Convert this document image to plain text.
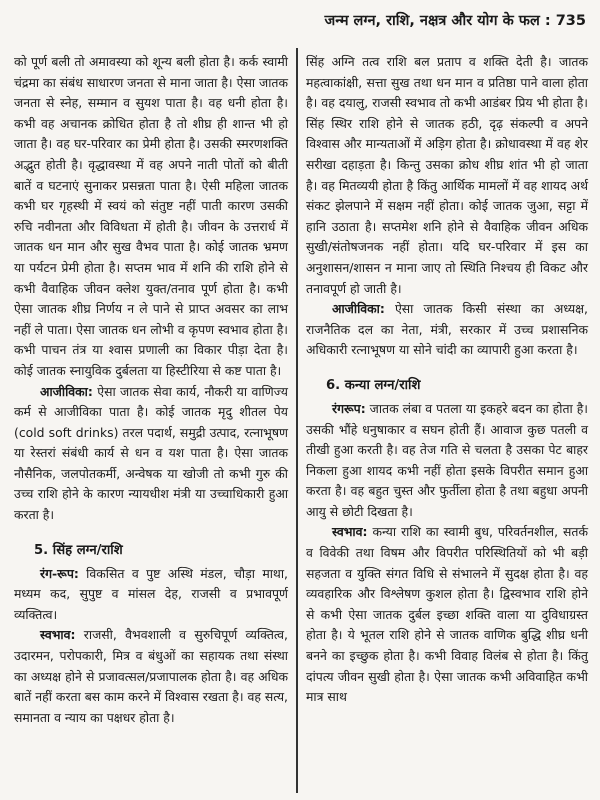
जन्म लग्न, राशि, नक्षत्र और योग के फल : 735

को पूर्ण बली तो अमावस्या को शून्य बली होता है। कर्क स्वामी चंद्रमा का संबंध साधारण जनता से माना जाता है। ऐसा जातक जनता से स्नेह, सम्मान व सुयश पाता है। वह धनी होता है। कभी वह अचानक क्रोधित होता है तो शीघ्र ही शान्त भी हो जाता है। वह घर-परिवार का प्रेमी होता है। उसकी स्मरणशक्ति अद्भुत होती है। वृद्धावस्था में वह अपने नाती पोतों को बीती बातें व घटनाएं सुनाकर प्रसन्नता पाता है। ऐसी महिला जातक कभी घर गृहस्थी में स्वयं को संतुष्ट नहीं पाती कारण उसकी रुचि नवीनता और विविधता में होती है। जीवन के उत्तरार्ध में जातक धन मान और सुख वैभव पाता है। कोई जातक भ्रमण या पर्यटन प्रेमी होता है। सप्तम भाव में शनि की राशि होने से कभी वैवाहिक जीवन क्लेश युक्त/तनाव पूर्ण होता है। कभी ऐसा जातक शीघ्र निर्णय न ले पाने से प्राप्त अवसर का लाभ नहीं ले पाता। ऐसा जातक धन लोभी व कृपण स्वभाव होता है। कभी पाचन तंत्र या श्वास प्रणाली का विकार पीड़ा देता है। कोई जातक स्नायुविक दुर्बलता या हिस्टीरिया से कष्ट पाता है।

आजीविका: ऐसा जातक सेवा कार्य, नौकरी या वाणिज्य कर्म से आजीविका पाता है। कोई जातक मृदु शीतल पेय (cold soft drinks) तरल पदार्थ, समुद्री उत्पाद, रत्नाभूषण या रेस्तरां संबंधी कार्य से धन व यश पाता है। ऐसा जातक नौसैनिक, जलपोतकर्मी, अन्वेषक या खोजी तो कभी गुरु की उच्च राशि होने के कारण न्यायधीश मंत्री या उच्चाधिकारी हुआ करता है।

5. सिंह लग्न/राशि

रंग-रूप: विकसित व पुष्ट अस्थि मंडल, चौड़ा माथा, मध्यम कद, सुपुष्ट व मांसल देह, राजसी व प्रभावपूर्ण व्यक्तित्व।

स्वभाव: राजसी, वैभवशाली व सुरुचिपूर्ण व्यक्तित्व, उदारमन, परोपकारी, मित्र व बंधुओं का सहायक तथा संस्था का अध्यक्ष होने से प्रजावत्सल/प्रजापालक होता है। वह अधिक बातें नहीं करता बस काम करने में विश्वास रखता है। वह सत्य, समानता व न्याय का पक्षधर होता है।

सिंह अग्नि तत्व राशि बल प्रताप व शक्ति देती है। जातक महत्वाकांक्षी, सत्ता सुख तथा धन मान व प्रतिष्ठा पाने वाला होता है। वह दयालु, राजसी स्वभाव तो कभी आडंबर प्रिय भी होता है। सिंह स्थिर राशि होने से जातक हठी, दृढ़ संकल्पी व अपने विश्वास और मान्यताओं में अड़िग होता है। क्रोधावस्था में वह शेर सरीखा दहाड़ता है। किन्तु उसका क्रोध शीघ्र शांत भी हो जाता है। वह मितव्ययी होता है किंतु आर्थिक मामलों में वह शायद अर्थ संकट झेलपाने में सक्षम नहीं होता। कोई जातक जुआ, सट्टा में हानि उठाता है। सप्तमेश शनि होने से वैवाहिक जीवन अधिक सुखी/संतोषजनक नहीं होता। यदि घर-परिवार में इस का अनुशासन/शासन न माना जाए तो स्थिति निश्चय ही विकट और तनावपूर्ण हो जाती है।

आजीविका: ऐसा जातक किसी संस्था का अध्यक्ष, राजनैतिक दल का नेता, मंत्री, सरकार में उच्च प्रशासनिक अधिकारी रत्नाभूषण या सोने चांदी का व्यापारी हुआ करता है।

6. कन्या लग्न/राशि

रंगरूप: जातक लंबा व पतला या इकहरे बदन का होता है। उसकी भौंहे धनुषाकार व सघन होती हैं। आवाज कुछ पतली व तीखी हुआ करती है। वह तेज गति से चलता है उसका पेट बाहर निकला हुआ शायद कभी नहीं होता इसके विपरीत समान हुआ करता है। वह बहुत चुस्त और फुर्तीला होता है तथा बहुधा अपनी आयु से छोटी दिखता है।

स्वभाव: कन्या राशि का स्वामी बुध, परिवर्तनशील, सतर्क व विवेकी तथा विषम और विपरीत परिस्थितियों को भी बड़ी सहजता व युक्ति संगत विधि से संभालने में सुदक्ष होता है। वह व्यवहारिक और विश्लेषण कुशल होता है। द्विस्वभाव राशि होने से कभी ऐसा जातक दुर्बल इच्छा शक्ति वाला या दुविधाग्रस्त होता है। ये भूतल राशि होने से जातक वाणिक बुद्धि शीघ्र धनी बनने का इच्छुक होता है। कभी विवाह विलंब से होता है। किंतु दांपत्य जीवन सुखी होता है। ऐसा जातक कभी अविवाहित कभी मात्र साथ
